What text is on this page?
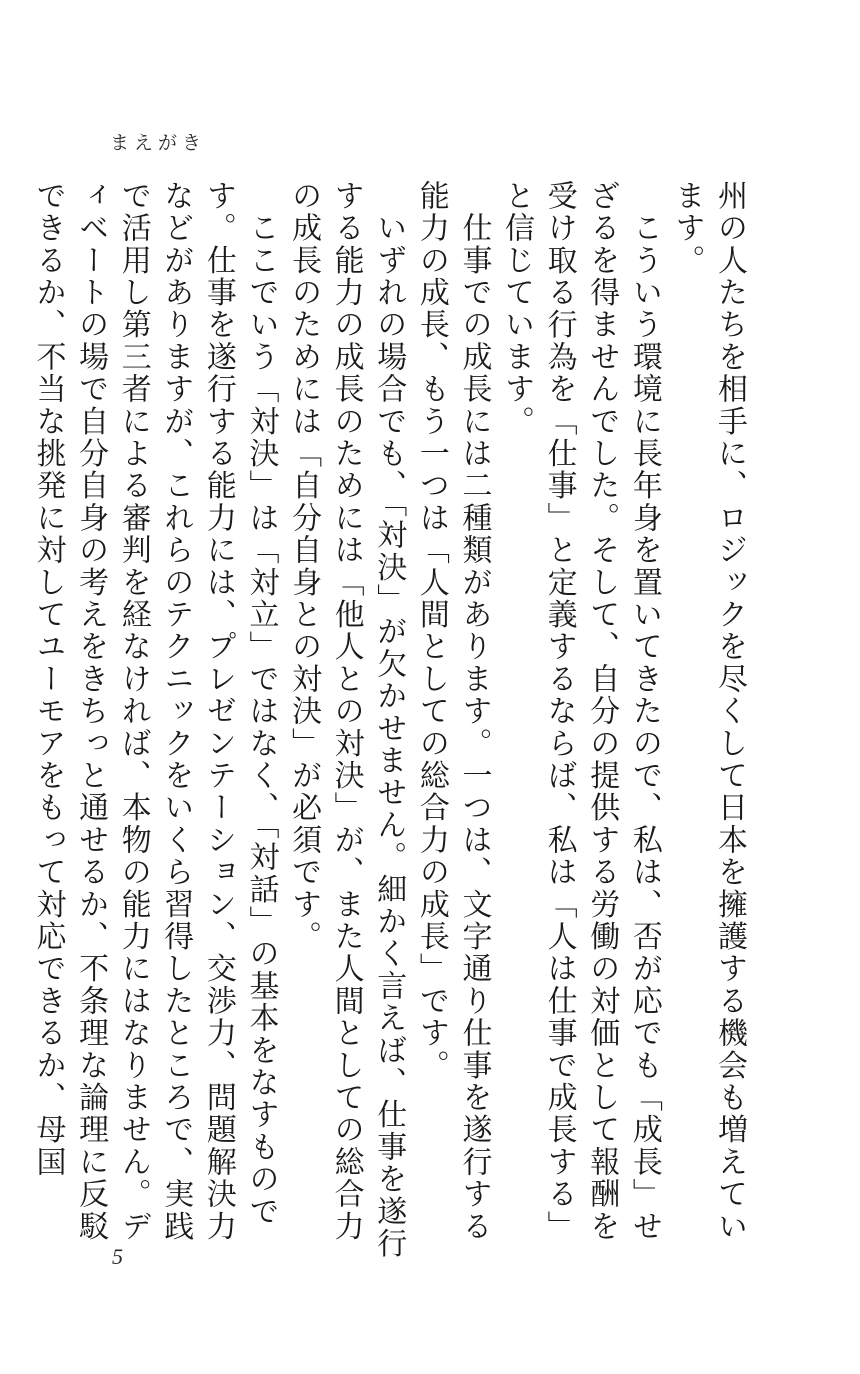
まえがき

州の人たちを相手に、ロジックを尽くして日本を擁護する機会も増えています。

　こういう環境に長年身を置いてきたので、私は、否が応でも「成長」せざるを得ませんでした。そして、自分の提供する労働の対価として報酬を受け取る行為を「仕事」と定義するならば、私は「人は仕事で成長する」と信じています。

　仕事での成長には二種類があります。一つは、文字通り仕事を遂行する能力の成長、もう一つは「人間としての総合力の成長」です。

　いずれの場合でも、「対決」が欠かせません。細かく言えば、仕事を遂行する能力の成長のためには「他人との対決」が、また人間としての総合力の成長のためには「自分自身との対決」が必須です。

　ここでいう「対決」は「対立」ではなく、「対話」の基本をなすものです。仕事を遂行する能力には、プレゼンテーション、交渉力、問題解決力などがありますが、これらのテクニックをいくら習得したところで、実践で活用し第三者による審判を経なければ、本物の能力にはなりません。ディベートの場で自分自身の考えをきちっと通せるか、不条理な論理に反駁できるか、不当な挑発に対してユーモアをもって対応できるか、母国

5
